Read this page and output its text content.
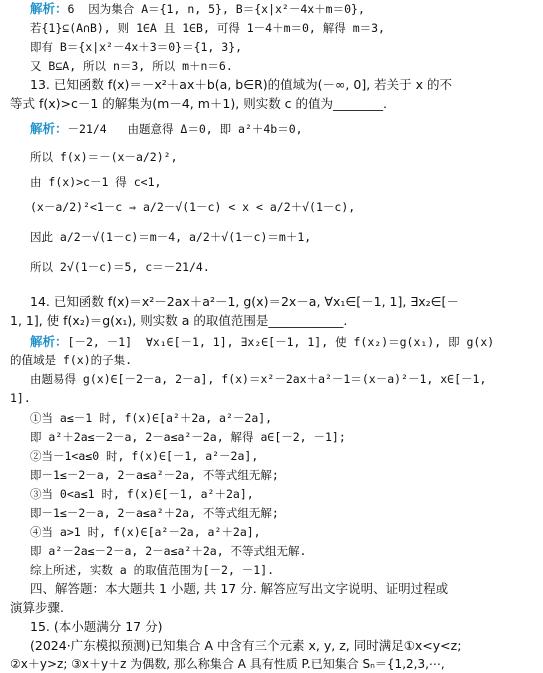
解析：6  因为集合 A＝{1, n, 5}, B＝{x|x²－4x＋m＝0},
若{1}⊆(A∩B), 则 1∈A 且 1∈B, 可得 1－4＋m＝0, 解得 m＝3,
即有 B＝{x|x²－4x＋3＝0}＝{1, 3},
又 B⊆A, 所以 n＝3, 所以 m＋n＝6.
13. 已知函数 f(x)＝－x²＋ax＋b(a, b∈R)的值域为(－∞, 0], 若关于 x 的不
等式 f(x)>c－1 的解集为(m－4, m＋1), 则实数 c 的值为________.
解析：－21/4   由题意得 Δ＝0, 即 a²＋4b＝0,
所以 f(x)＝－(x－a/2)²,
由 f(x)>c－1 得 c<1,
(x－a/2)²<1－c ⇒ a/2－√(1－c) < x < a/2＋√(1－c),
因此 a/2－√(1－c)＝m－4, a/2＋√(1－c)＝m＋1,
所以 2√(1－c)＝5, c＝－21/4.
14. 已知函数 f(x)＝x²－2ax＋a²－1, g(x)＝2x－a, ∀x₁∈[－1, 1], ∃x₂∈[－
1, 1], 使 f(x₂)＝g(x₁), 则实数 a 的取值范围是____________.
解析：[－2, －1]  ∀x₁∈[－1, 1], ∃x₂∈[－1, 1], 使 f(x₂)＝g(x₁), 即 g(x)
的值域是 f(x)的子集.
由题易得 g(x)∈[－2－a, 2－a], f(x)＝x²－2ax＋a²－1＝(x－a)²－1, x∈[－1,
1].
①当 a≤－1 时, f(x)∈[a²＋2a, a²－2a],
即 a²＋2a≤－2－a, 2－a≤a²－2a, 解得 a∈[－2, －1];
②当－1<a≤0 时, f(x)∈[－1, a²－2a],
即－1≤－2－a, 2－a≤a²－2a, 不等式组无解;
③当 0<a≤1 时, f(x)∈[－1, a²＋2a],
即－1≤－2－a, 2－a≤a²＋2a, 不等式组无解;
④当 a>1 时, f(x)∈[a²－2a, a²＋2a],
即 a²－2a≤－2－a, 2－a≤a²＋2a, 不等式组无解.
综上所述, 实数 a 的取值范围为[－2, －1].
四、解答题：本大题共 1 小题, 共 17 分. 解答应写出文字说明、证明过程或
演算步骤.
15. (本小题满分 17 分)
(2024·广东模拟预测)已知集合 A 中含有三个元素 x, y, z, 同时满足①x<y<z;
②x＋y>z; ③x＋y＋z 为偶数, 那么称集合 A 具有性质 P.已知集合 Sₙ＝{1,2,3,⋯,
